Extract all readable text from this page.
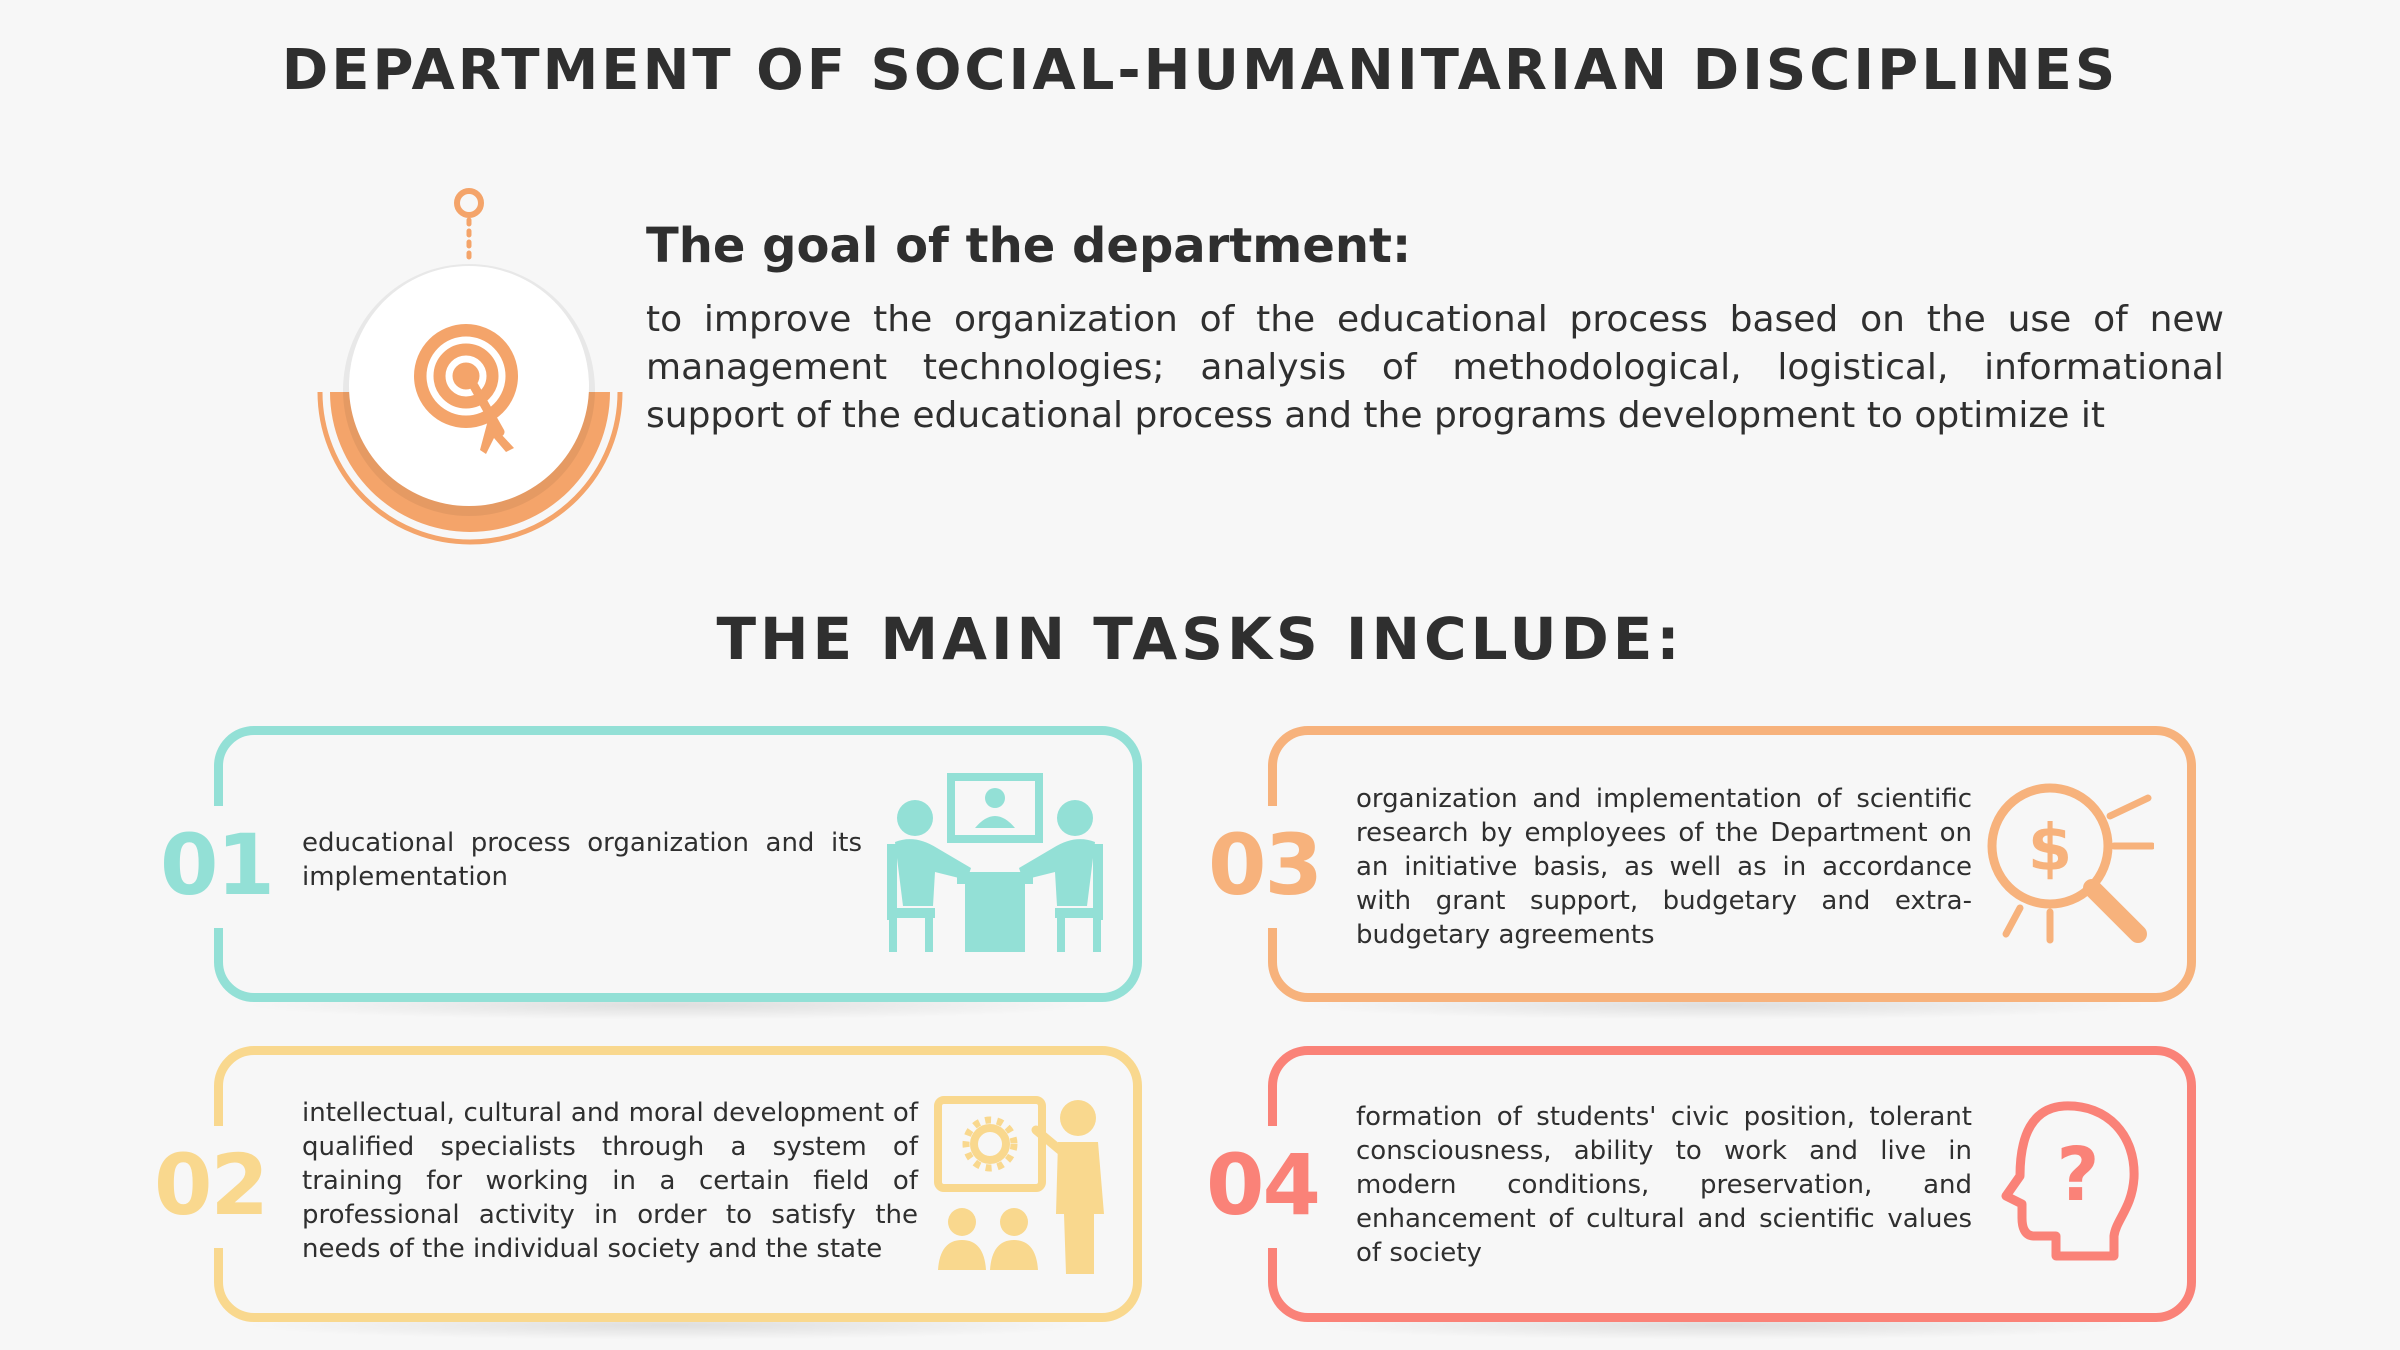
DEPARTMENT OF SOCIAL-HUMANITARIAN DISCIPLINES
The goal of the department:
to improve the organization of the educational process based on the use of new management technologies; analysis of methodological, logistical, informational support of the educational process and the programs development to optimize it
THE MAIN TASKS INCLUDE:
01 educational process organization and its implementation
02
intellectual, cultural and moral development of qualified specialists through a system of training for working in a certain field of professional activity in order to satisfy the needs of the individual society and the state
03
organization and implementation of scientific research by employees of the Department on an initiative basis, as well as in accordance with grant support, budgetary and extra-budgetary agreements
$
04
formation of students' civic position, tolerant consciousness, ability to work and live in modern conditions, preservation, and enhancement of cultural and scientific values of society
?
